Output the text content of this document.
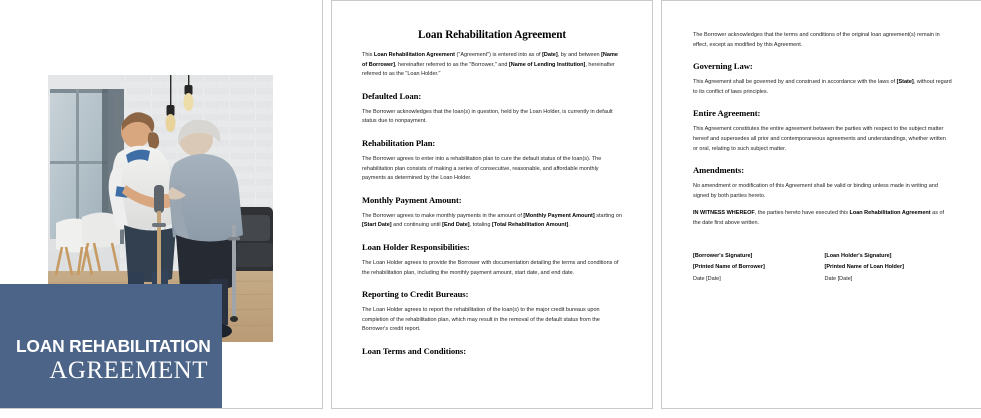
LOAN REHABILITATION
AGREEMENT
Loan Rehabilitation Agreement

This Loan Rehabilitation Agreement ("Agreement") is entered into as of [Date], by and between [Name of Borrower], hereinafter referred to as the "Borrower," and [Name of Lending Institution], hereinafter referred to as the "Loan Holder."

Defaulted Loan:

The Borrower acknowledges that the loan(s) in question, held by the Loan Holder, is currently in default status due to nonpayment.

Rehabilitation Plan:

The Borrower agrees to enter into a rehabilitation plan to cure the default status of the loan(s). The rehabilitation plan consists of making a series of consecutive, reasonable, and affordable monthly payments as determined by the Loan Holder.

Monthly Payment Amount:

The Borrower agrees to make monthly payments in the amount of [Monthly Payment Amount] starting on [Start Date] and continuing until [End Date], totaling [Total Rehabilitation Amount].

Loan Holder Responsibilities:

The Loan Holder agrees to provide the Borrower with documentation detailing the terms and conditions of the rehabilitation plan, including the monthly payment amount, start date, and end date.

Reporting to Credit Bureaus:

The Loan Holder agrees to report the rehabilitation of the loan(s) to the major credit bureaus upon completion of the rehabilitation plan, which may result in the removal of the default status from the Borrower's credit report.

Loan Terms and Conditions:

The Borrower acknowledges that the terms and conditions of the original loan agreement(s) remain in effect, except as modified by this Agreement.

Governing Law:

This Agreement shall be governed by and construed in accordance with the laws of [State], without regard to its conflict of laws principles.

Entire Agreement:

This Agreement constitutes the entire agreement between the parties with respect to the subject matter hereof and supersedes all prior and contemporaneous agreements and understandings, whether written or oral, relating to such subject matter.

Amendments:

No amendment or modification of this Agreement shall be valid or binding unless made in writing and signed by both parties hereto.

IN WITNESS WHEREOF, the parties hereto have executed this Loan Rehabilitation Agreement as of the date first above written.

[Borrower's Signature]
[Printed Name of Borrower]
Date [Date]
[Loan Holder's Signature]
[Printed Name of Loan Holder]
Date [Date]
